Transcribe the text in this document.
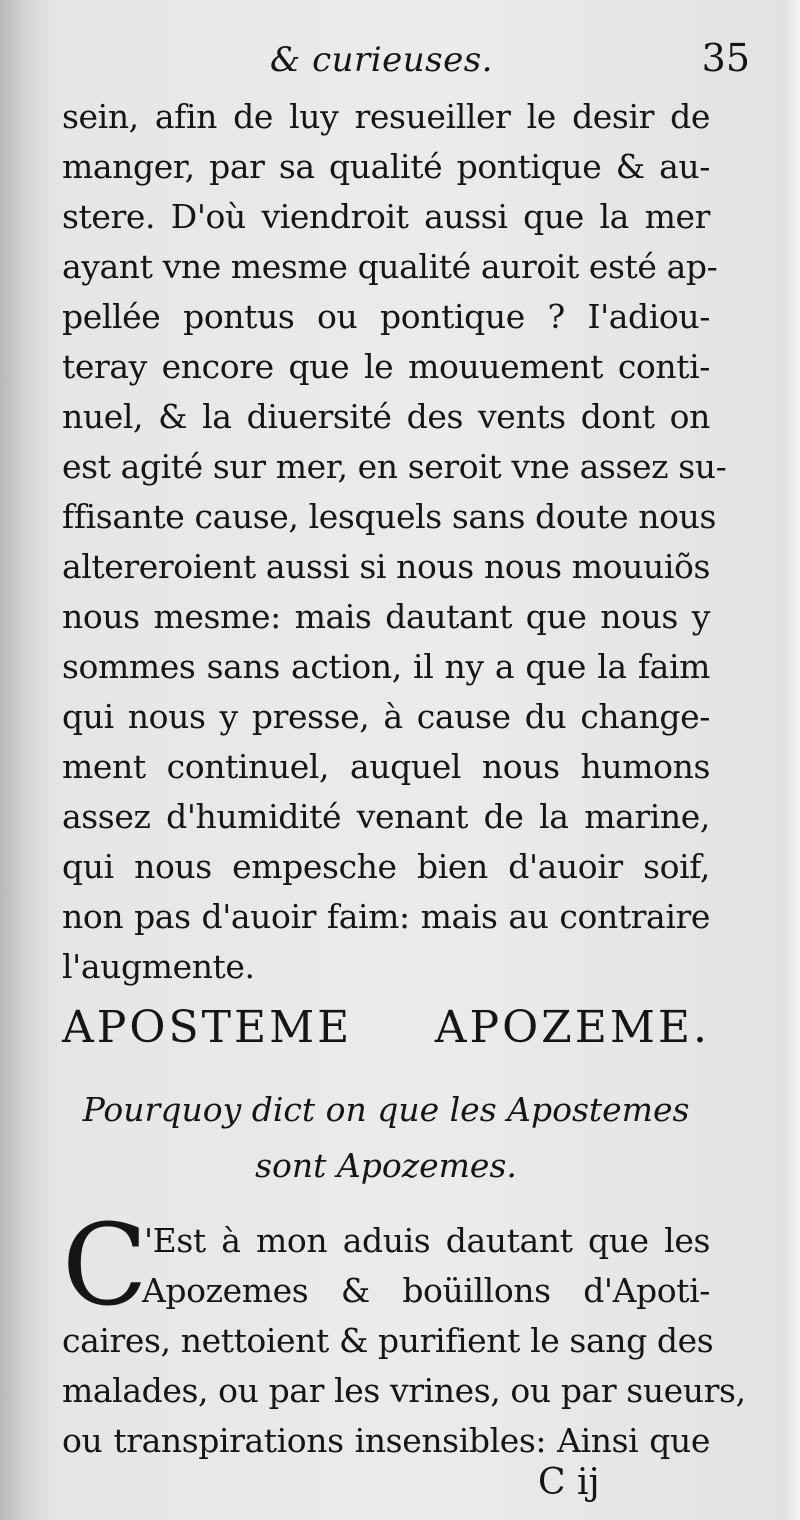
& curieuses.	35
sein, afin de luy resueiller le desir de
manger, par sa qualité pontique & au-
stere. D'où viendroit aussi que la mer
ayant vne mesme qualité auroit esté ap-
pellée pontus ou pontique ? I'adiou-
teray encore que le mouuement conti-
nuel, & la diuersité des vents dont on
est agité sur mer, en seroit vne assez su-
ffisante cause, lesquels sans doute nous
altereroient aussi si nous nous mouuiõs
nous mesme: mais dautant que nous y
sommes sans action, il ny a que la faim
qui nous y presse, à cause du change-
ment continuel, auquel nous humons
assez d'humidité venant de la marine,
qui nous empesche bien d'auoir soif,
non pas d'auoir faim: mais au contraire
l'augmente.
APOSTEME APOZEME.
Pourquoy dict on que les Apostemes
sont Apozemes.
C
'Est à mon aduis dautant que les
Apozemes & boüillons d'Apoti-
caires, nettoient & purifient le sang des
malades, ou par les vrines, ou par sueurs,
ou transpirations insensibles: Ainsi que
C ij
